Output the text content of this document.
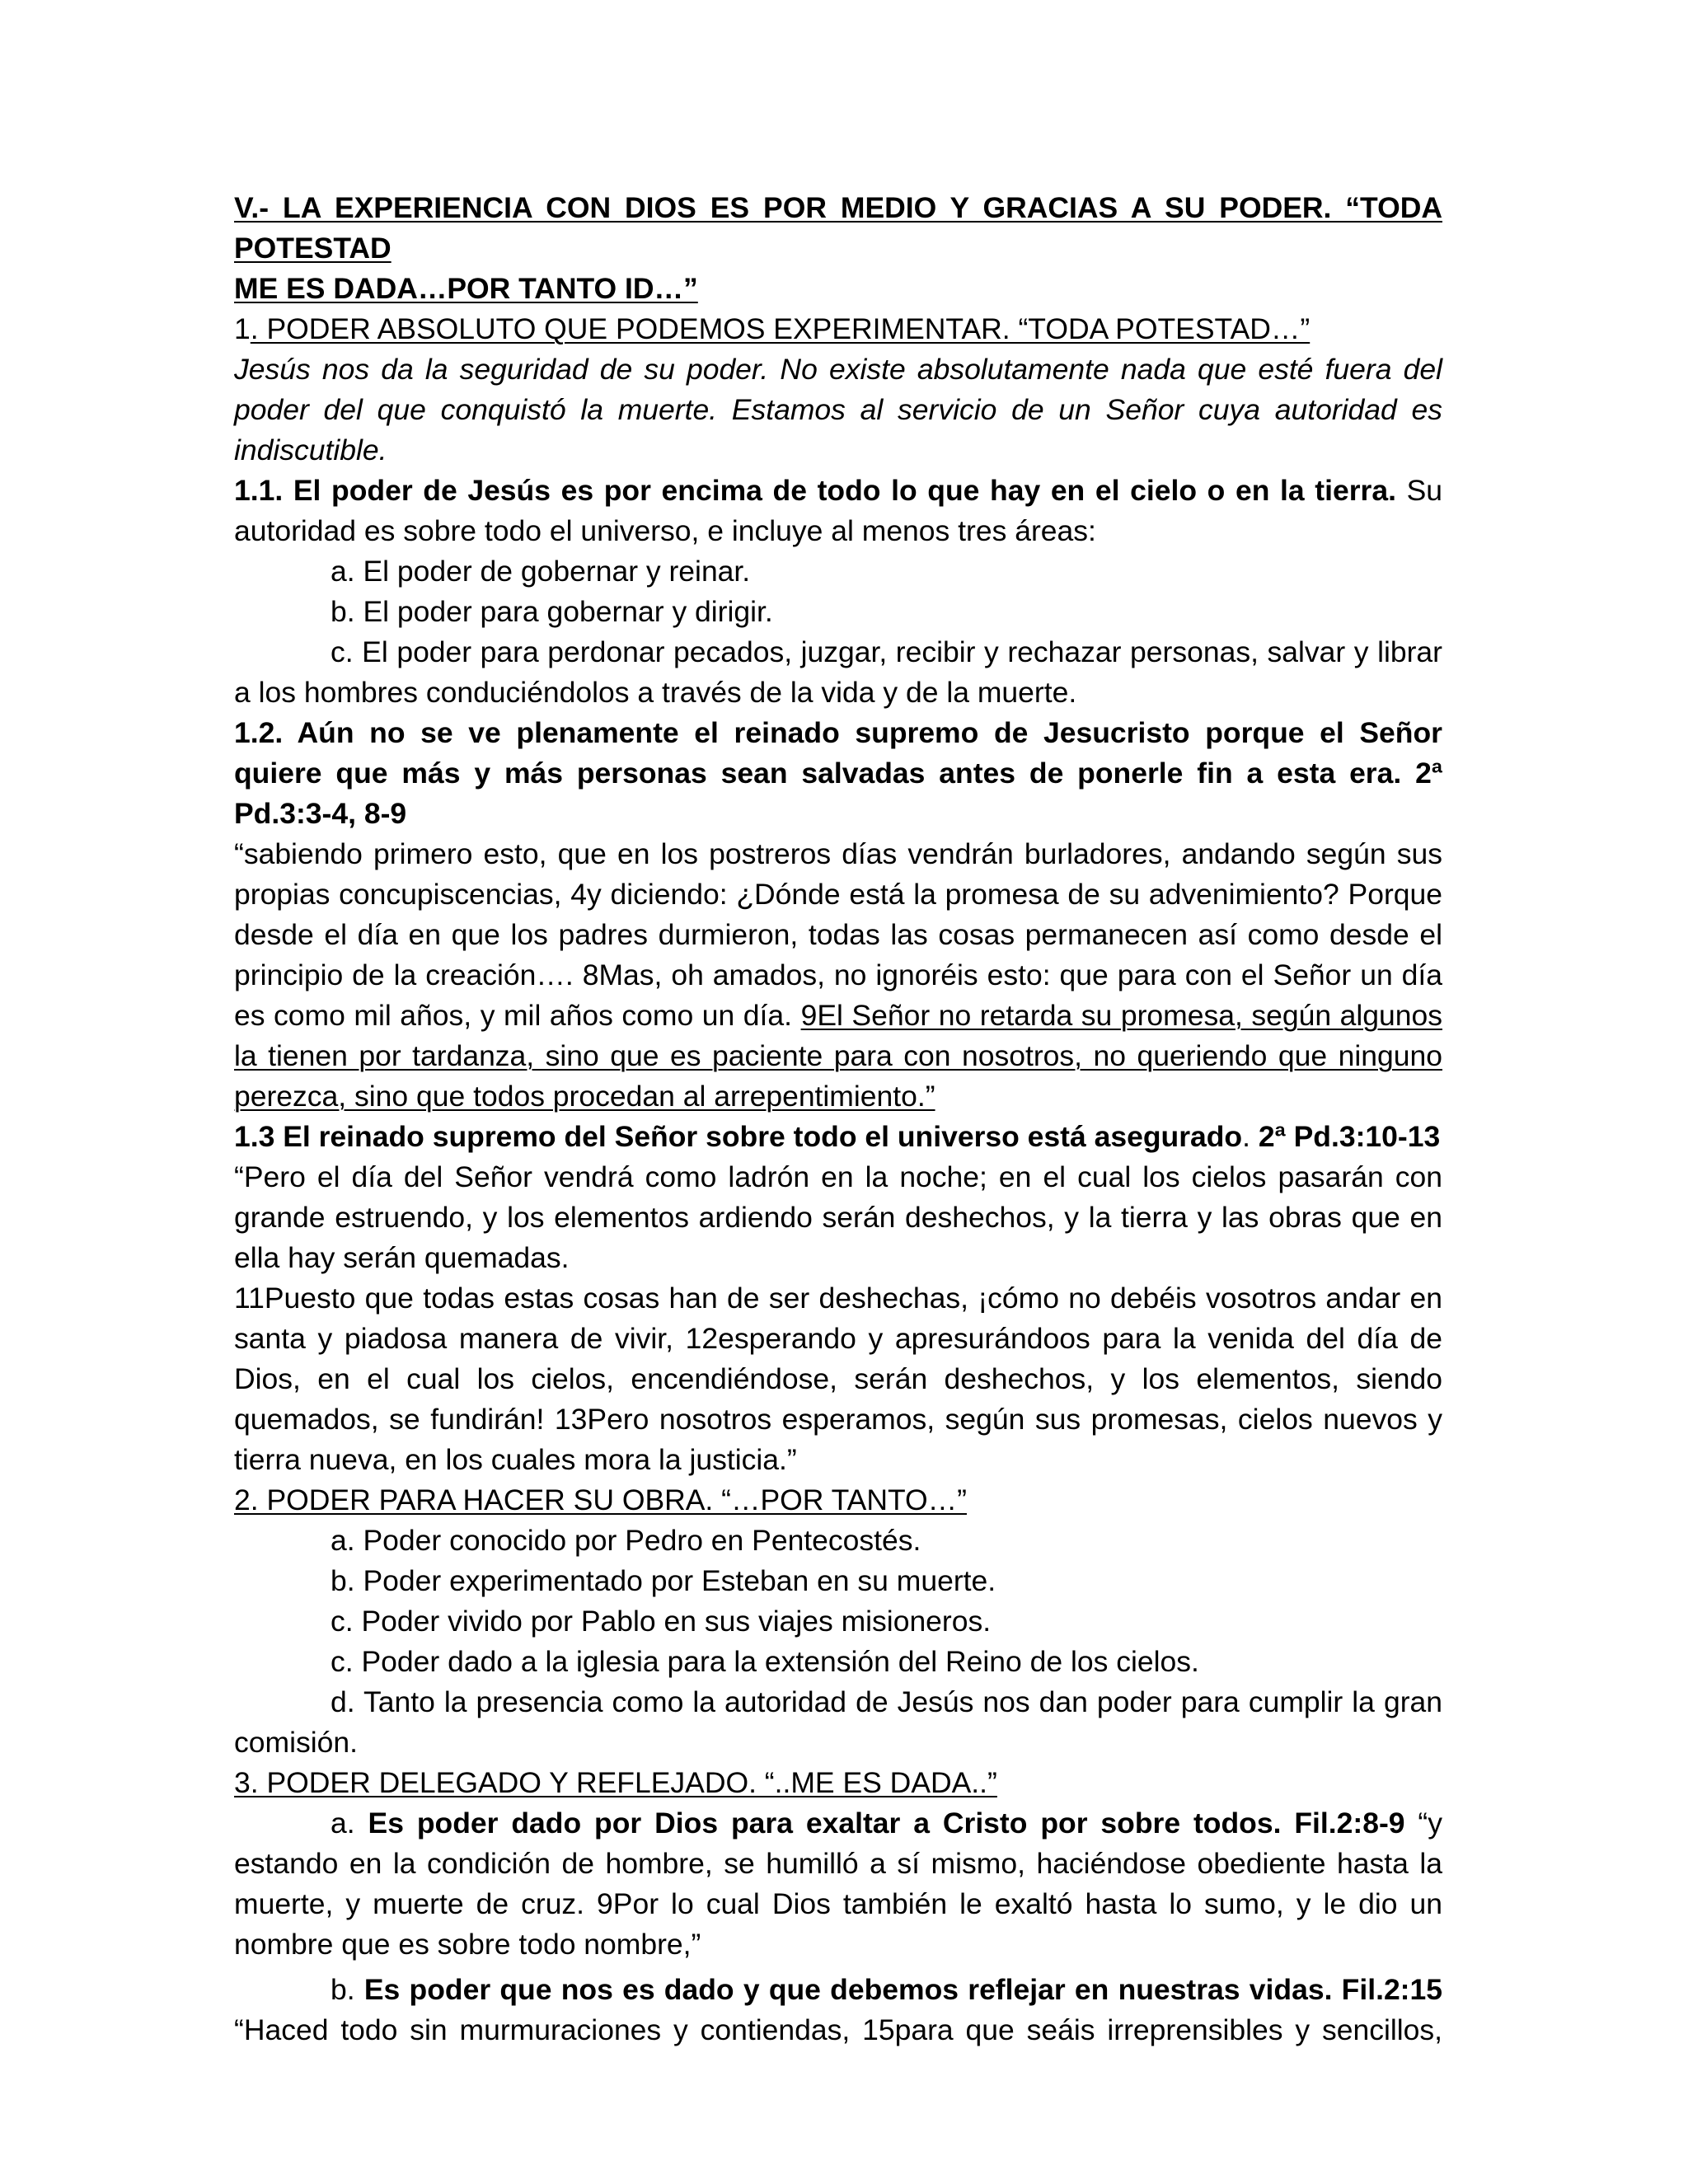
V.- LA EXPERIENCIA CON DIOS ES POR MEDIO Y GRACIAS A SU PODER. “TODA POTESTAD

ME ES DADA…POR TANTO ID…”

1. PODER ABSOLUTO QUE PODEMOS EXPERIMENTAR. “TODA POTESTAD…”

Jesús nos da la seguridad de su poder. No existe absolutamente nada que esté fuera del poder del que conquistó la muerte. Estamos al servicio de un Señor cuya autoridad es indiscutible.

1.1. El poder de Jesús es por encima de todo lo que hay en el cielo o en la tierra. Su autoridad es sobre todo el universo, e incluye al menos tres áreas:

a. El poder de gobernar y reinar.

b. El poder para gobernar y dirigir.

c. El poder para perdonar pecados, juzgar, recibir y rechazar personas, salvar y librar a los hombres conduciéndolos a través de la vida y de la muerte.

1.2. Aún no se ve plenamente el reinado supremo de Jesucristo porque el Señor quiere que más y más personas sean salvadas antes de ponerle fin a esta era. 2ª Pd.3:3-4, 8-9

“sabiendo primero esto, que en los postreros días vendrán burladores, andando según sus propias concupiscencias, 4y diciendo: ¿Dónde está la promesa de su advenimiento? Porque desde el día en que los padres durmieron, todas las cosas permanecen así como desde el principio de la creación…. 8Mas, oh amados, no ignoréis esto: que para con el Señor un día es como mil años, y mil años como un día. 9El Señor no retarda su promesa, según algunos la tienen por tardanza, sino que es paciente para con nosotros, no queriendo que ninguno perezca, sino que todos procedan al arrepentimiento.”

1.3 El reinado supremo del Señor sobre todo el universo está asegurado. 2ª Pd.3:10-13

“Pero el día del Señor vendrá como ladrón en la noche; en el cual los cielos pasarán con grande estruendo, y los elementos ardiendo serán deshechos, y la tierra y las obras que en ella hay serán quemadas.

11Puesto que todas estas cosas han de ser deshechas, ¡cómo no debéis vosotros andar en santa y piadosa manera de vivir, 12esperando y apresurándoos para la venida del día de Dios, en el cual los cielos, encendiéndose, serán deshechos, y los elementos, siendo quemados, se fundirán! 13Pero nosotros esperamos, según sus promesas, cielos nuevos y tierra nueva, en los cuales mora la justicia.”

2. PODER PARA HACER SU OBRA. “…POR TANTO…”

a. Poder conocido por Pedro en Pentecostés.

b. Poder experimentado por Esteban en su muerte.

c. Poder vivido por Pablo en sus viajes misioneros.

c. Poder dado a la iglesia para la extensión del Reino de los cielos.

d. Tanto la presencia como la autoridad de Jesús nos dan poder para cumplir la gran comisión.

3. PODER DELEGADO Y REFLEJADO. “..ME ES DADA..”

a. Es poder dado por Dios para exaltar a Cristo por sobre todos. Fil.2:8-9 “y estando en la condición de hombre, se humilló a sí mismo, haciéndose obediente hasta la muerte, y muerte de cruz. 9Por lo cual Dios también le exaltó hasta lo sumo, y le dio un nombre que es sobre todo nombre,”

b. Es poder que nos es dado y que debemos reflejar en nuestras vidas. Fil.2:15

“Haced todo sin murmuraciones y contiendas, 15para que seáis irreprensibles y sencillos,
